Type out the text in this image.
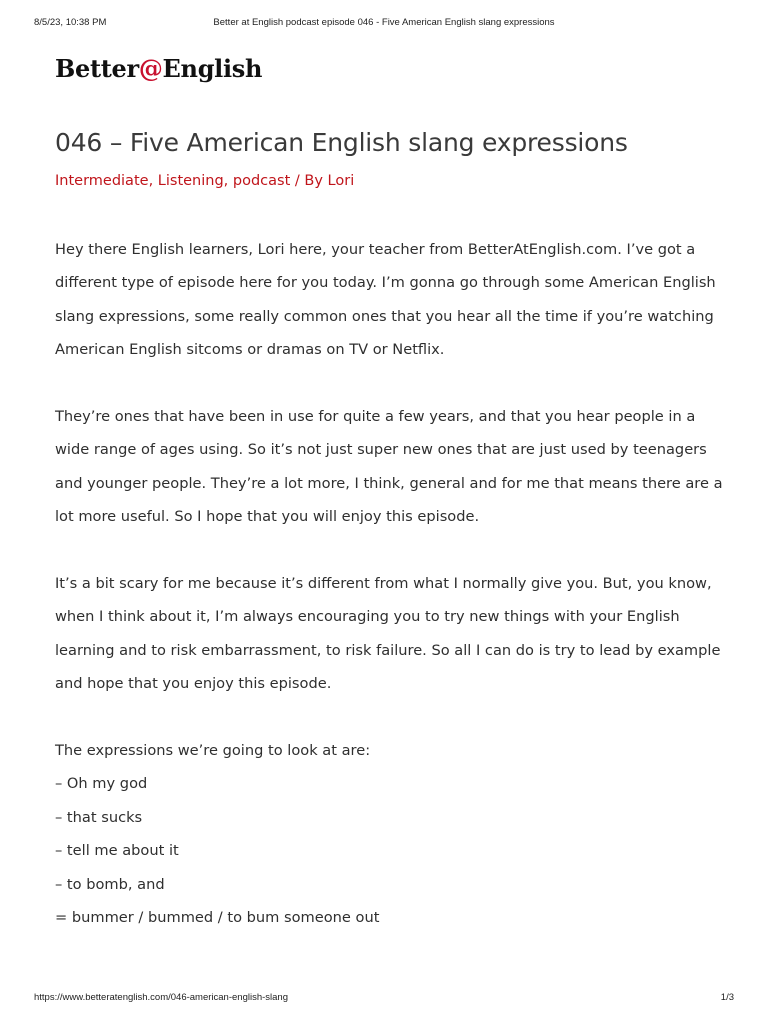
8/5/23, 10:38 PM	Better at English podcast episode 046 - Five American English slang expressions
Better@English
046 – Five American English slang expressions
Intermediate, Listening, podcast / By Lori

Hey there English learners, Lori here, your teacher from BetterAtEnglish.com. I’ve got a different type of episode here for you today. I’m gonna go through some American English slang expressions, some really common ones that you hear all the time if you’re watching American English sitcoms or dramas on TV or Netflix.

They’re ones that have been in use for quite a few years, and that you hear people in a wide range of ages using. So it’s not just super new ones that are just used by teenagers and younger people. They’re a lot more, I think, general and for me that means there are a lot more useful. So I hope that you will enjoy this episode.

It’s a bit scary for me because it’s different from what I normally give you. But, you know, when I think about it, I’m always encouraging you to try new things with your English learning and to risk embarrassment, to risk failure. So all I can do is try to lead by example and hope that you enjoy this episode.

The expressions we’re going to look at are:

– Oh my god
– that sucks
– tell me about it
– to bomb, and
= bummer / bummed / to bum someone out
https://www.betteratenglish.com/046-american-english-slang	1/3
